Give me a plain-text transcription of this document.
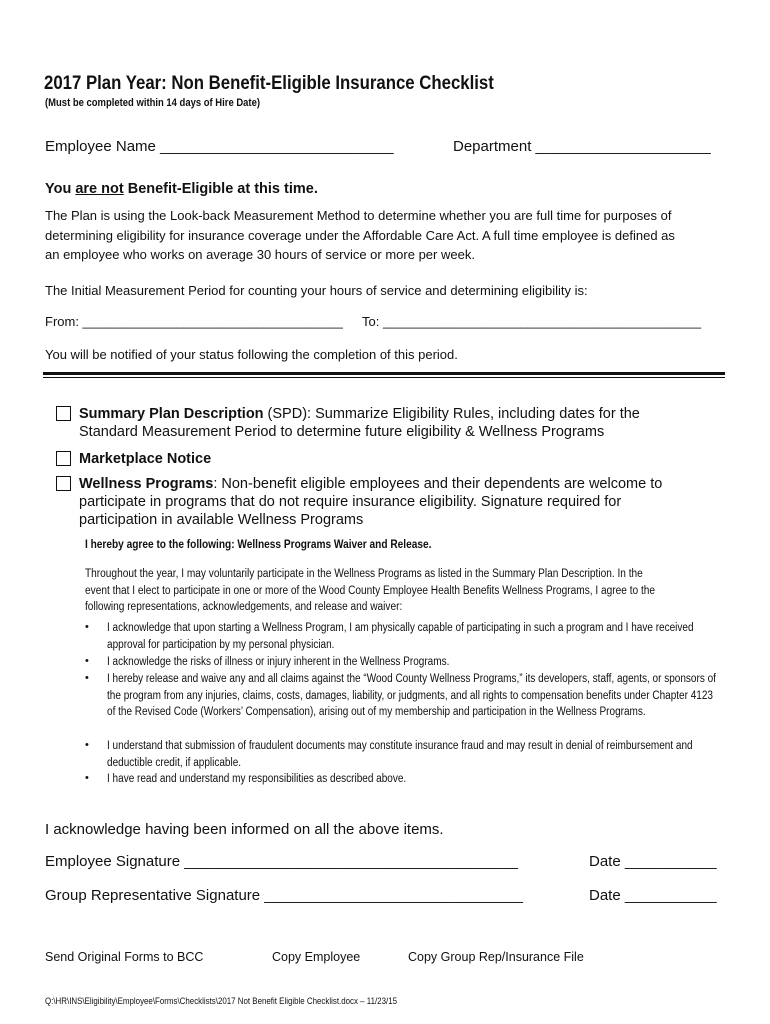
2017 Plan Year: Non Benefit-Eligible Insurance Checklist
(Must be completed within 14 days of Hire Date)
Employee Name ____________________________	Department _____________________
You are not Benefit-Eligible at this time.
The Plan is using the Look-back Measurement Method to determine whether you are full time for purposes of
determining eligibility for insurance coverage under the Affordable Care Act. A full time employee is defined as
an employee who works on average 30 hours of service or more per week.
The Initial Measurement Period for counting your hours of service and determining eligibility is:
From: ____________________________________ To: ____________________________________________
You will be notified of your status following the completion of this period.
Summary Plan Description (SPD): Summarize Eligibility Rules, including dates for the
Standard Measurement Period to determine future eligibility & Wellness Programs
Marketplace Notice
Wellness Programs: Non-benefit eligible employees and their dependents are welcome to
participate in programs that do not require insurance eligibility. Signature required for
participation in available Wellness Programs
I hereby agree to the following: Wellness Programs Waiver and Release.
Throughout the year, I may voluntarily participate in the Wellness Programs as listed in the Summary Plan Description. In the
event that I elect to participate in one or more of the Wood County Employee Health Benefits Wellness Programs, I agree to the
following representations, acknowledgements, and release and waiver:
• I acknowledge that upon starting a Wellness Program, I am physically capable of participating in such a program and I have received approval for participation by my personal physician.
• I acknowledge the risks of illness or injury inherent in the Wellness Programs.
• I hereby release and waive any and all claims against the “Wood County Wellness Programs,” its developers, staff, agents, or sponsors of the program from any injuries, claims, costs, damages, liability, or judgments, and all rights to compensation benefits under Chapter 4123 of the Revised Code (Workers’ Compensation), arising out of my membership and participation in the Wellness Programs.
• I understand that submission of fraudulent documents may constitute insurance fraud and may result in denial of reimbursement and deductible credit, if applicable.
• I have read and understand my responsibilities as described above.
I acknowledge having been informed on all the above items.
Employee Signature ________________________________________	Date ___________
Group Representative Signature _______________________________	Date ___________
Send Original Forms to BCC	Copy Employee	Copy Group Rep/Insurance File
Q:\HR\INS\Eligibility\Employee\Forms\Checklists\2017 Not Benefit Eligible Checklist.docx – 11/23/15
